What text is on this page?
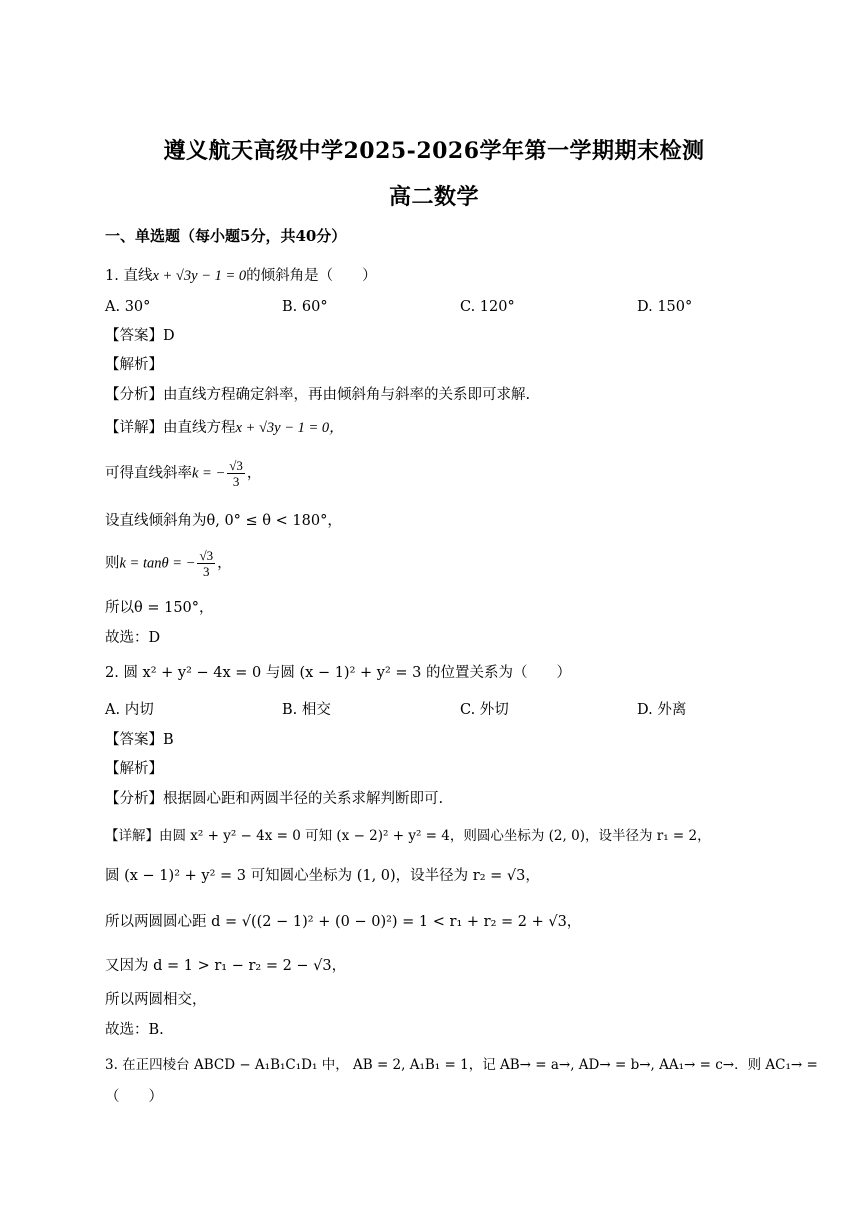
遵义航天高级中学2025-2026学年第一学期期末检测
高二数学
一、单选题（每小题5分，共40分）
1. 直线x + √3y − 1 = 0的倾斜角是（　　）
A. 30°	B. 60°	C. 120°	D. 150°
【答案】D
【解析】
【分析】由直线方程确定斜率，再由倾斜角与斜率的关系即可求解.
【详解】由直线方程x + √3y − 1 = 0，
可得直线斜率k = − $\frac{√3}{3}$ ，
设直线倾斜角为θ, 0° ≤ θ < 180°，
则k = tanθ = − $\frac{√3}{3}$ ，
所以θ = 150°，
故选：D
2. 圆 x² + y² − 4x = 0 与圆 (x − 1)² + y² = 3 的位置关系为（　　）
A. 内切	B. 相交	C. 外切	D. 外离
【答案】B
【解析】
【分析】根据圆心距和两圆半径的关系求解判断即可.
【详解】由圆 x² + y² − 4x = 0 可知 (x − 2)² + y² = 4，则圆心坐标为 (2, 0)，设半径为 r₁ = 2，
圆 (x − 1)² + y² = 3 可知圆心坐标为 (1, 0)，设半径为 r₂ = √3，
所以两圆圆心距 d = √((2 − 1)² + (0 − 0)²) = 1 < r₁ + r₂ = 2 + √3，
又因为 d = 1 > r₁ − r₂ = 2 − √3，
所以两圆相交，
故选：B.
3. 在正四棱台 ABCD − A₁B₁C₁D₁ 中， AB = 2, A₁B₁ = 1，记 AB→ = a→, AD→ = b→, AA₁→ = c→．则 AC₁→ =
（　　）
